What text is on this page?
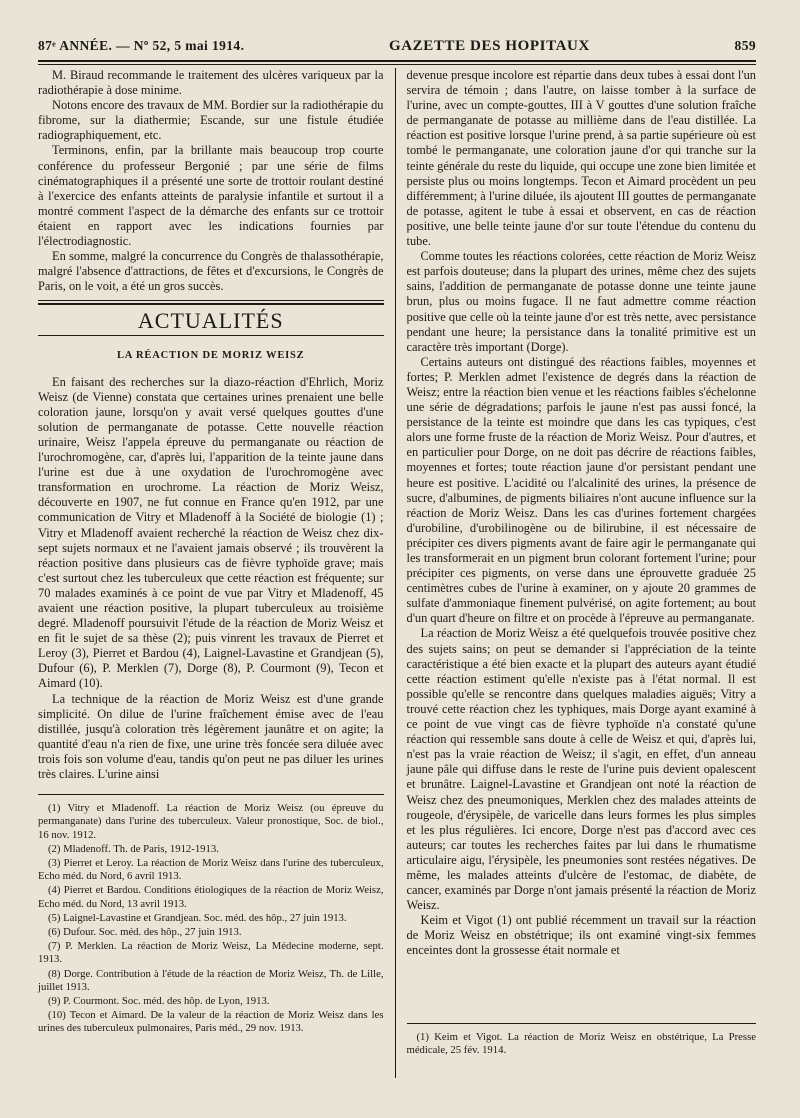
87ᵉ ANNÉE. — Nº 52, 5 mai 1914.	GAZETTE DES HOPITAUX	859

M. Biraud recommande le traitement des ulcères variqueux par la radiothérapie à dose minime.

Notons encore des travaux de MM. Bordier sur la radiothérapie du fibrome, sur la diathermie; Escande, sur une fistule étudiée radiographiquement, etc.

Terminons, enfin, par la brillante mais beaucoup trop courte conférence du professeur Bergonié ; par une série de films cinématographiques il a présenté une sorte de trottoir roulant destiné à l'exercice des enfants atteints de paralysie infantile et surtout il a montré comment l'aspect de la démarche des enfants sur ce trottoir étaient en rapport avec les indications fournies par l'électrodiagnostic.

En somme, malgré la concurrence du Congrès de thalassothérapie, malgré l'absence d'attractions, de fêtes et d'excursions, le Congrès de Paris, on le voit, a été un gros succès.

ACTUALITÉS
LA RÉACTION DE MORIZ WEISZ

En faisant des recherches sur la diazo-réaction d'Ehrlich, Moriz Weisz (de Vienne) constata que certaines urines prenaient une belle coloration jaune, lorsqu'on y avait versé quelques gouttes d'une solution de permanganate de potasse. Cette nouvelle réaction urinaire, Weisz l'appela épreuve du permanganate ou réaction de l'urochromogène, car, d'après lui, l'apparition de la teinte jaune dans l'urine est due à une oxydation de l'urochromogène avec transformation en urochrome. La réaction de Moriz Weisz, découverte en 1907, ne fut connue en France qu'en 1912, par une communication de Vitry et Mladenoff à la Société de biologie (1) ; Vitry et Mladenoff avaient recherché la réaction de Weisz chez dix-sept sujets normaux et ne l'avaient jamais observé ; ils trouvèrent la réaction positive dans plusieurs cas de fièvre typhoïde grave; mais c'est surtout chez les tuberculeux que cette réaction est fréquente; sur 70 malades examinés à ce point de vue par Vitry et Mladenoff, 45 avaient une réaction positive, la plupart tuberculeux au troisième degré. Mladenoff poursuivit l'étude de la réaction de Moriz Weisz et en fit le sujet de sa thèse (2); puis vinrent les travaux de Pierret et Leroy (3), Pierret et Bardou (4), Laignel-Lavastine et Grandjean (5), Dufour (6), P. Merklen (7), Dorge (8), P. Courmont (9), Tecon et Aimard (10).

La technique de la réaction de Moriz Weisz est d'une grande simplicité. On dilue de l'urine fraîchement émise avec de l'eau distillée, jusqu'à coloration très légèrement jaunâtre et on agite; la quantité d'eau n'a rien de fixe, une urine très foncée sera diluée avec trois fois son volume d'eau, tandis qu'on peut ne pas diluer les urines très claires. L'urine ainsi

(1) Vitry et Mladenoff. La réaction de Moriz Weisz (ou épreuve du permanganate) dans l'urine des tuberculeux. Valeur pronostique, Soc. de biol., 16 nov. 1912.

(2) Mladenoff. Th. de Paris, 1912-1913.

(3) Pierret et Leroy. La réaction de Moriz Weisz dans l'urine des tuberculeux, Echo méd. du Nord, 6 avril 1913.

(4) Pierret et Bardou. Conditions étiologiques de la réaction de Moriz Weisz, Echo méd. du Nord, 13 avril 1913.

(5) Laignel-Lavastine et Grandjean. Soc. méd. des hôp., 27 juin 1913.

(6) Dufour. Soc. méd. des hôp., 27 juin 1913.

(7) P. Merklen. La réaction de Moriz Weisz, La Médecine moderne, sept. 1913.

(8) Dorge. Contribution à l'étude de la réaction de Moriz Weisz, Th. de Lille, juillet 1913.

(9) P. Courmont. Soc. méd. des hôp. de Lyon, 1913.

(10) Tecon et Aimard. De la valeur de la réaction de Moriz Weisz dans les urines des tuberculeux pulmonaires, Paris méd., 29 nov. 1913.

devenue presque incolore est répartie dans deux tubes à essai dont l'un servira de témoin ; dans l'autre, on laisse tomber à la surface de l'urine, avec un compte-gouttes, III à V gouttes d'une solution fraîche de permanganate de potasse au millième dans de l'eau distillée. La réaction est positive lorsque l'urine prend, à sa partie supérieure où est tombé le permanganate, une coloration jaune d'or qui tranche sur la teinte générale du reste du liquide, qui occupe une zone bien limitée et persiste plus ou moins longtemps. Tecon et Aimard procèdent un peu différemment; à l'urine diluée, ils ajoutent III gouttes de permanganate de potasse, agitent le tube à essai et observent, en cas de réaction positive, une belle teinte jaune d'or sur toute l'étendue du contenu du tube.

Comme toutes les réactions colorées, cette réaction de Moriz Weisz est parfois douteuse; dans la plupart des urines, même chez des sujets sains, l'addition de permanganate de potasse donne une teinte jaune brun, plus ou moins fugace. Il ne faut admettre comme réaction positive que celle où la teinte jaune d'or est très nette, avec persistance pendant une heure; la persistance dans la tonalité primitive est un caractère très important (Dorge).

Certains auteurs ont distingué des réactions faibles, moyennes et fortes; P. Merklen admet l'existence de degrés dans la réaction de Weisz; entre la réaction bien venue et les réactions faibles s'échelonne une série de dégradations; parfois le jaune n'est pas aussi foncé, la persistance de la teinte est moindre que dans les cas typiques, c'est alors une forme fruste de la réaction de Moriz Weisz. Pour d'autres, et en particulier pour Dorge, on ne doit pas décrire de réactions faibles, moyennes et fortes; toute réaction jaune d'or persistant pendant une heure est positive. L'acidité ou l'alcalinité des urines, la présence de sucre, d'albumines, de pigments biliaires n'ont aucune influence sur la réaction de Moriz Weisz. Dans les cas d'urines fortement chargées d'urobiline, d'urobilinogène ou de bilirubine, il est nécessaire de précipiter ces divers pigments avant de faire agir le permanganate qui les transformerait en un pigment brun colorant fortement l'urine; pour précipiter ces pigments, on verse dans une éprouvette graduée 25 centimètres cubes de l'urine à examiner, on y ajoute 20 grammes de sulfate d'ammoniaque finement pulvérisé, on agite fortement; au bout d'un quart d'heure on filtre et on procède à l'épreuve au permanganate.

La réaction de Moriz Weisz a été quelquefois trouvée positive chez des sujets sains; on peut se demander si l'appréciation de la teinte caractéristique a été bien exacte et la plupart des auteurs ayant étudié cette réaction estiment qu'elle n'existe pas à l'état normal. Il est possible qu'elle se rencontre dans quelques maladies aiguës; Vitry a trouvé cette réaction chez les typhiques, mais Dorge ayant examiné à ce point de vue vingt cas de fièvre typhoïde n'a constaté qu'une réaction qui ressemble sans doute à celle de Weisz et qui, d'après lui, n'est pas la vraie réaction de Weisz; il s'agit, en effet, d'un anneau jaune pâle qui diffuse dans le reste de l'urine puis devient opalescent et brunâtre. Laignel-Lavastine et Grandjean ont noté la réaction de Weisz chez des pneumoniques, Merklen chez des malades atteints de rougeole, d'érysipèle, de varicelle dans leurs formes les plus simples et les plus régulières. Ici encore, Dorge n'est pas d'accord avec ces auteurs; car toutes les recherches faites par lui dans le rhumatisme articulaire aigu, l'érysipèle, les pneumonies sont restées négatives. De même, les malades atteints d'ulcère de l'estomac, de diabète, de cancer, examinés par Dorge n'ont jamais présenté la réaction de Moriz Weisz.

Keim et Vigot (1) ont publié récemment un travail sur la réaction de Moriz Weisz en obstétrique; ils ont examiné vingt-six femmes enceintes dont la grossesse était normale et

(1) Keim et Vigot. La réaction de Moriz Weisz en obstétrique, La Presse médicale, 25 fév. 1914.
